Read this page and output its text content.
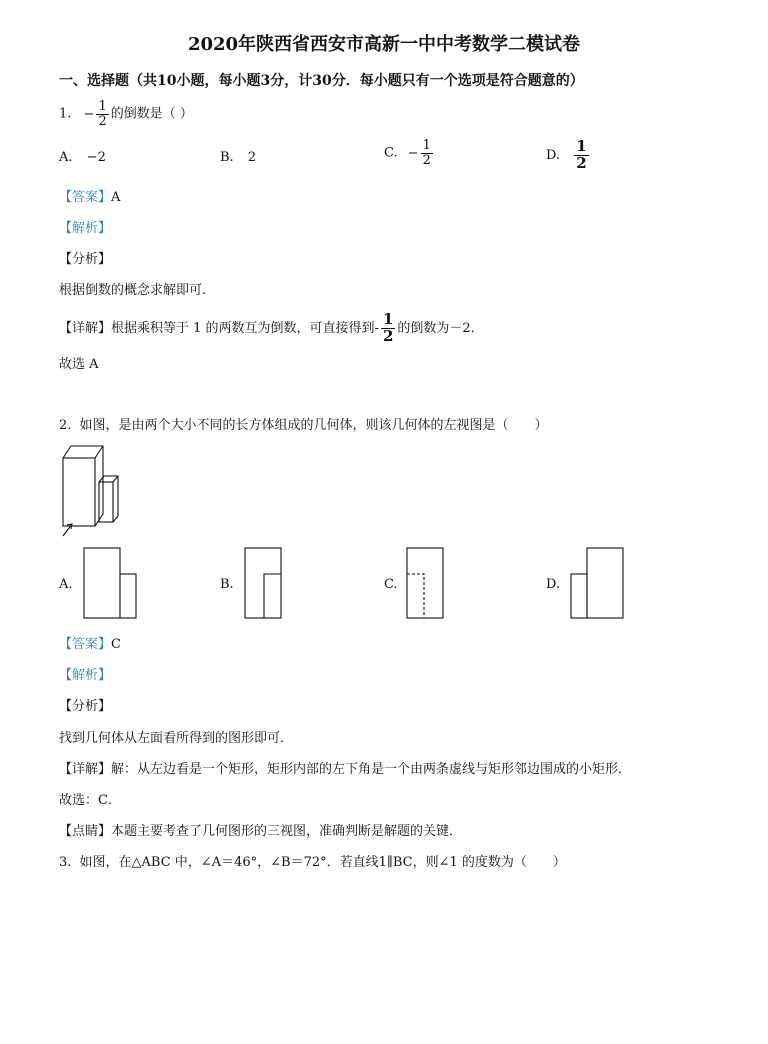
2020年陕西省西安市高新一中中考数学二模试卷
一、选择题（共10小题，每小题3分，计30分．每小题只有一个选项是符合题意的）
1. − $\frac{1}{2}$ 的倒数是（ ）
A. −2	B. 2	C. − $\frac{1}{2}$	D. $\frac{1}{2}$
【答案】A
【解析】
【分析】
根据倒数的概念求解即可.
【详解】根据乘积等于 1 的两数互为倒数，可直接得到- $\frac{1}{2}$ 的倒数为－2．
故选 A
2. 如图，是由两个大小不同的长方体组成的几何体，则该几何体的左视图是（　　）
A.	B.	C.	D.
【答案】C
【解析】
【分析】
找到几何体从左面看所得到的图形即可．
【详解】解：从左边看是一个矩形，矩形内部的左下角是一个由两条虚线与矩形邻边围成的小矩形．
故选：C．
【点睛】本题主要考查了几何图形的三视图，准确判断是解题的关键．
3. 如图，在△ABC 中，∠A＝46°，∠B＝72°．若直线1∥BC，则∠1 的度数为（　　）
